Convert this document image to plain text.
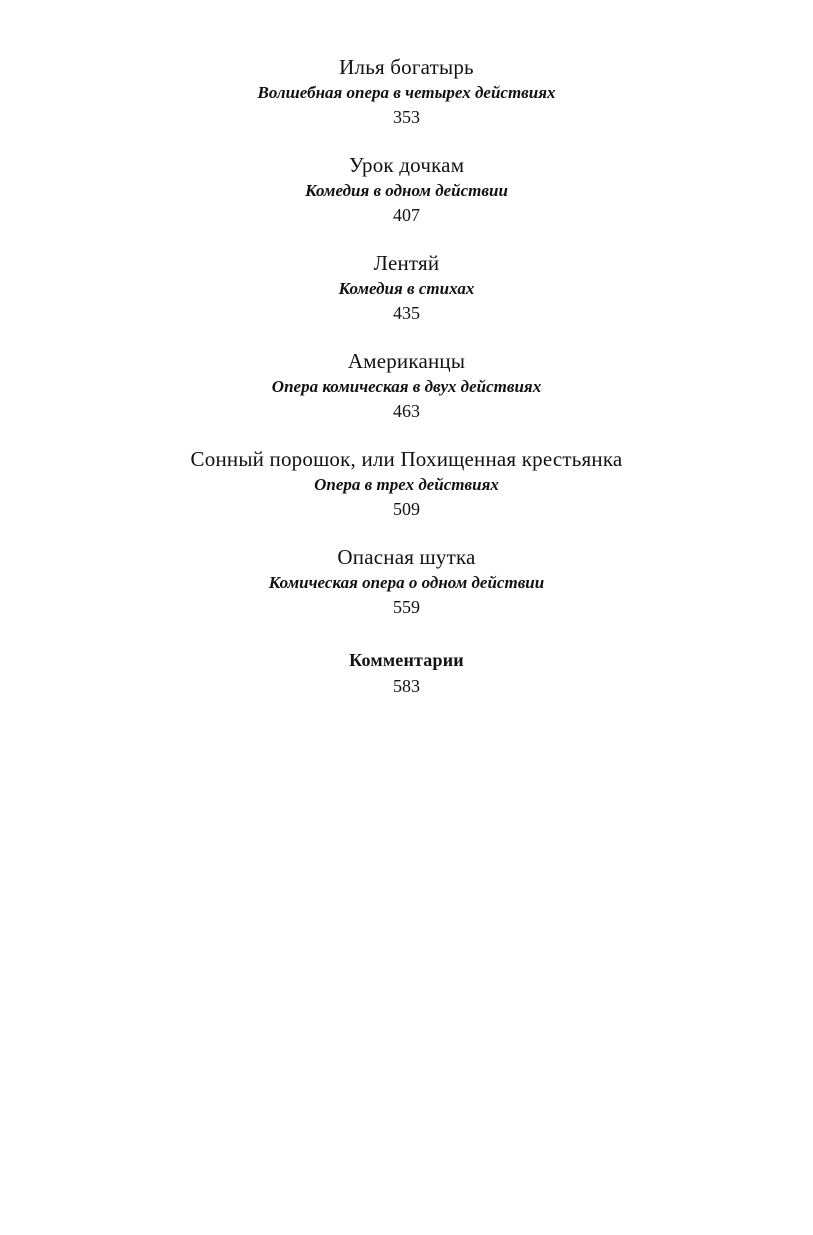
Илья богатырь
Волшебная опера в четырех действиях
353
Урок дочкам
Комедия в одном действии
407
Лентяй
Комедия в стихах
435
Американцы
Опера комическая в двух действиях
463
Сонный порошок, или Похищенная крестьянка
Опера в трех действиях
509
Опасная шутка
Комическая опера о одном действии
559
Комментарии
583
